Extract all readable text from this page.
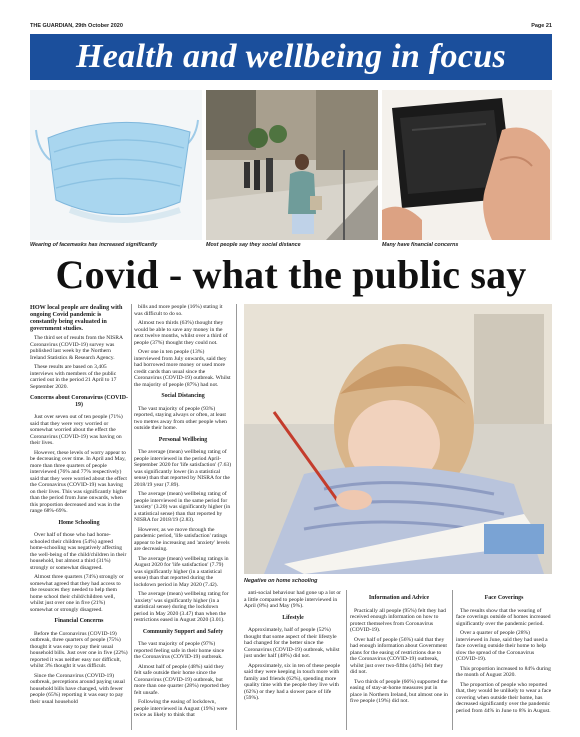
THE GUARDIAN, 29th October 2020	Page 21
Health and wellbeing in focus
Wearing of facemasks has increased significantly	Most people say they social distance	Many have financial concerns
Covid - what the public say

HOW local people are dealing with ongoing Covid pandemic is constantly being evaluated in government studies.

The third set of results from the NISRA Coronavirus (COVID-19) survey was published last week by the Northern Ireland Statistics & Research Agency.

These results are based on 3,405 interviews with members of the public carried out in the period 21 April to 17 September 2020.

Concerns about Coronavirus (COVID-19)

Just over seven out of ten people (71%) said that they were very worried or somewhat worried about the effect the Coronavirus (COVID-19) was having on their lives.

However, these levels of worry appear to be decreasing over time. In April and May, more than three quarters of people interviewed (76% and 77% respectively) said that they were worried about the effect the Coronavirus (COVID-19) was having on their lives. This was significantly higher than the period from June onwards, when this proportion decreased and was in the range 68%-69%.

Home Schooling

Over half of those who had home-schooled their children (54%) agreed home-schooling was negatively affecting the well-being of the child/children in their household, but almost a third (31%) strongly or somewhat disagreed.

Almost three quarters (74%) strongly or somewhat agreed that they had access to the resources they needed to help them home school their child/children well, whilst just over one in five (21%) somewhat or strongly disagreed.

Financial Concerns

Before the Coronavirus (COVID-19) outbreak, three quarters of people (75%) thought it was easy to pay their usual household bills. Just over one in five (22%) reported it was neither easy nor difficult, whilst 3% thought it was difficult.

Since the Coronavirus (COVID-19) outbreak, perceptions around paying usual household bills have changed, with fewer people (65%) reporting it was easy to pay their usual household

bills and more people (16%) stating it was difficult to do so.

Almost two thirds (63%) thought they would be able to save any money in the next twelve months, whilst over a third of people (37%) thought they could not.

Over one in ten people (13%) interviewed from July onwards, said they had borrowed more money or used more credit cards than usual since the Coronavirus (COVID-19) outbreak. Whilst the majority of people (87%) had not.

Social Distancing

The vast majority of people (93%) reported, staying always or often, at least two metres away from other people when outside their home.

Personal Wellbeing

The average (mean) wellbeing rating of people interviewed in the period April-September 2020 for 'life satisfaction' (7.63) was significantly lower (in a statistical sense) than that reported by NISRA for the 2018/19 year (7.89).

The average (mean) wellbeing rating of people interviewed in the same period for 'anxiety' (3.20) was significantly higher (in a statistical sense) than that reported by NISRA for 2018/19 (2.83).

However, as we move through the pandemic period, 'life satisfaction' ratings appear to be increasing and 'anxiety' levels are decreasing.

The average (mean) wellbeing ratings in August 2020 for 'life satisfaction' (7.79) was significantly higher (in a statistical sense) than that reported during the lockdown period in May 2020 (7.42).

The average (mean) wellbeing rating for 'anxiety' was significantly higher (in a statistical sense) during the lockdown period in May 2020 (3.47) than when the restrictions eased in August 2020 (3.01).

Community Support and Safety

The vast majority of people (97%) reported feeling safe in their home since the Coronavirus (COVID-19) outbreak.

Almost half of people (48%) said they felt safe outside their home since the Coronavirus (COVID-19) outbreak, but more than one quarter (28%) reported they felt unsafe.

Following the easing of lockdown, people interviewed in August (19%) were twice as likely to think that

Negative on home schooling

anti-social behaviour had gone up a lot or a little compared to people interviewed in April (8%) and May (9%).

Lifestyle

Approximately, half of people (52%) thought that some aspect of their lifestyle had changed for the better since the Coronavirus (COVID-19) outbreak, whilst just under half (48%) did not.

Approximately, six in ten of these people said they were keeping in touch more with family and friends (62%), spending more quality time with the people they live with (62%) or they had a slower pace of life (59%).

Information and Advice

Practically all people (95%) felt they had received enough information on how to protect themselves from Coronavirus (COVID-19).

Over half of people (56%) said that they had enough information about Government plans for the easing of restrictions due to the Coronavirus (COVID-19) outbreak, whilst just over two-fifths (44%) felt they did not.

Two thirds of people (66%) supported the easing of stay-at-home measures put in place in Northern Ireland, but almost one in five people (19%) did not.

Face Coverings

The results show that the wearing of face coverings outside of homes increased significantly over the pandemic period.

Over a quarter of people (28%) interviewed in June, said they had used a face covering outside their home to help slow the spread of the Coronavirus (COVID-19).

This proportion increased to 84% during the month of August 2020.

The proportion of people who reported that, they would be unlikely to wear a face covering when outside their home, has decreased significantly over the pandemic period from 44% in June to 8% in August.
